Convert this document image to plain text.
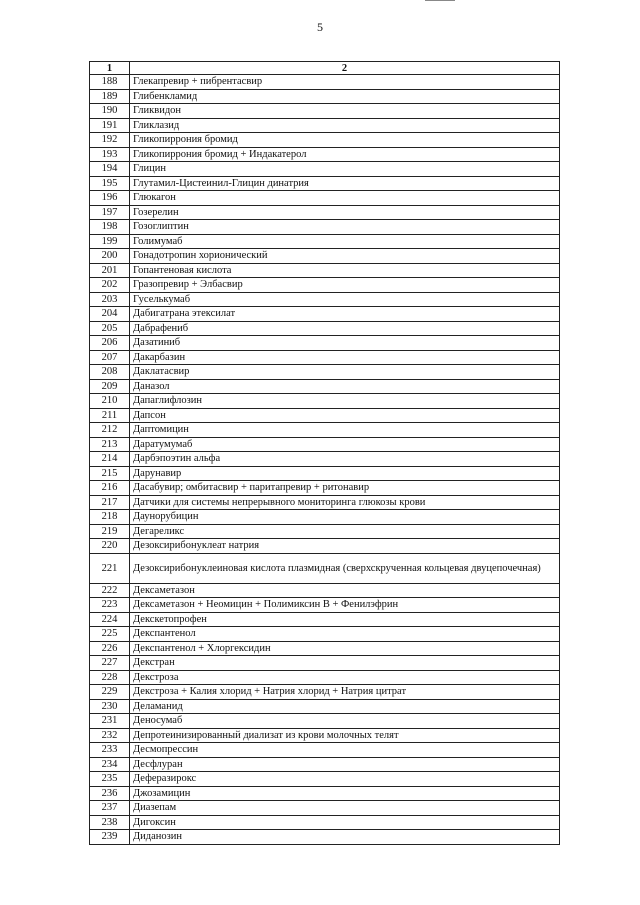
5
1	2
188	Глекапревир + пибрентасвир
189	Глибенкламид
190	Гликвидон
191	Гликлазид
192	Гликопиррония бромид
193	Гликопиррония бромид + Индакатерол
194	Глицин
195	Глутамил-Цистеинил-Глицин динатрия
196	Глюкагон
197	Гозерелин
198	Гозоглиптин
199	Голимумаб
200	Гонадотропин хорионический
201	Гопантеновая кислота
202	Гразопревир + Элбасвир
203	Гуселькумаб
204	Дабигатрана этексилат
205	Дабрафениб
206	Дазатиниб
207	Дакарбазин
208	Даклатасвир
209	Даназол
210	Дапаглифлозин
211	Дапсон
212	Даптомицин
213	Даратумумаб
214	Дарбэпоэтин альфа
215	Дарунавир
216	Дасабувир; омбитасвир + паритапревир + ритонавир
217	Датчики для системы непрерывного мониторинга глюкозы крови
218	Даунорубицин
219	Дегареликс
220	Дезоксирибонуклеат натрия
221	Дезоксирибонуклеиновая кислота плазмидная (сверхскрученная кольцевая двуцепочечная)
222	Дексаметазон
223	Дексаметазон + Неомицин + Полимиксин В + Фенилэфрин
224	Декскетопрофен
225	Декспантенол
226	Декспантенол + Хлоргексидин
227	Декстран
228	Декстроза
229	Декстроза + Калия хлорид + Натрия хлорид + Натрия цитрат
230	Деламанид
231	Деносумаб
232	Депротеинизированный диализат из крови молочных телят
233	Десмопрессин
234	Десфлуран
235	Деферазирокс
236	Джозамицин
237	Диазепам
238	Дигоксин
239	Диданозин
